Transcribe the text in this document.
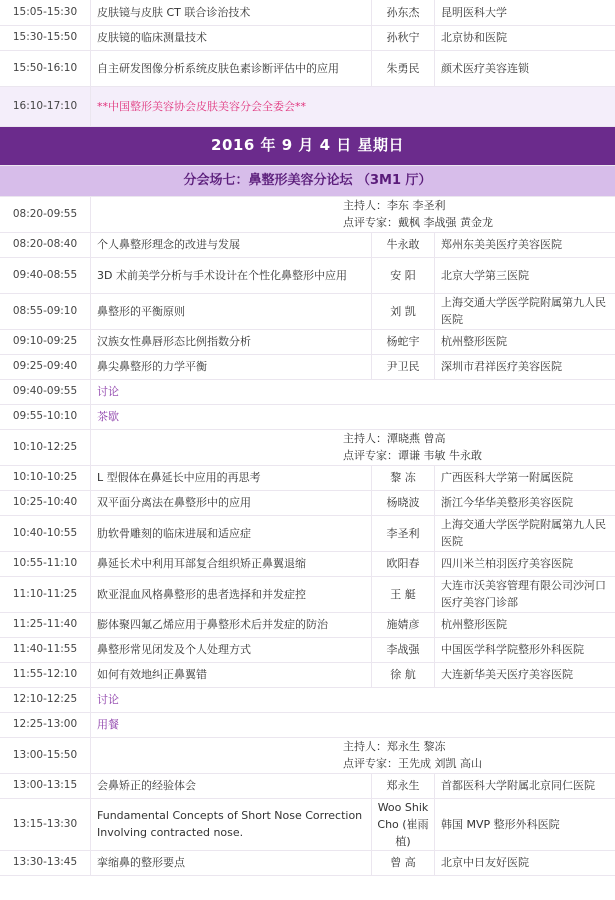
15:05-15:30	皮肤镜与皮肤 CT 联合诊治技术	孙东杰	昆明医科大学
15:30-15:50	皮肤镜的临床测量技术	孙秋宁	北京协和医院
15:50-16:10	自主研发图像分析系统皮肤色素诊断评估中的应用	朱勇民	颜术医疗美容连锁
16:10-17:10	**中国整形美容协会皮肤美容分会全委会**		
2016 年 9 月 4 日 星期日			
分会场七：鼻整形美容分论坛 （3M1 厅）			
08:20-09:55	主持人：李东 李圣利
点评专家：戴枫 李战强 黄金龙		

08:20-08:40	个人鼻整形理念的改进与发展	牛永敢	郑州东美美医疗美容医院
09:40-08:55	3D 术前美学分析与手术设计在个性化鼻整形中应用	安 阳	北京大学第三医院
08:55-09:10	鼻整形的平衡原则	刘 凯	上海交通大学医学院附属第九人民医院
09:10-09:25	汉族女性鼻唇形态比例指数分析	杨蛇宇	杭州整形医院
09:25-09:40	鼻尖鼻整形的力学平衡	尹卫民	深圳市君祥医疗美容医院
09:40-09:55	讨论		
09:55-10:10	茶歇		
10:10-12:25	主持人：潭晓燕 曾高
点评专家：谭谦 韦敏 牛永敢		

10:10-10:25	L 型假体在鼻延长中应用的再思考	黎 冻	广西医科大学第一附属医院
10:25-10:40	双平面分离法在鼻整形中的应用	杨晓波	浙江今华华美整形美容医院
10:40-10:55	肋软骨雕刻的临床进展和适应症	李圣利	上海交通大学医学院附属第九人民医院
10:55-11:10	鼻延长术中利用耳部复合组织矫正鼻翼退缩	欧阳春	四川米兰柏羽医疗美容医院
11:10-11:25	欧亚混血风格鼻整形的患者选择和并发症控	王 艇	大连市沃美容管理有限公司沙河口医疗美容门诊部
11:25-11:40	膨体聚四氟乙烯应用于鼻整形术后并发症的防治	施婧彦	杭州整形医院
11:40-11:55	鼻整形常见闭发及个人处理方式	李战强	中国医学科学院整形外科医院
11:55-12:10	如何有效地纠正鼻翼错	徐 航	大连新华美天医疗美容医院
12:10-12:25	讨论		
12:25-13:00	用餐		
13:00-15:50	主持人：郑永生 黎冻
点评专家：王先成 刘凯 高山		

13:00-13:15	会鼻矫正的经验体会	郑永生	首都医科大学附属北京同仁医院
13:15-13:30	Fundamental Concepts of Short Nose Correction Involving contracted nose.	Woo Shik Cho (崔雨植)	韩国 MVP 整形外科医院
13:30-13:45	挛缩鼻的整形要点	曾 高	北京中日友好医院
